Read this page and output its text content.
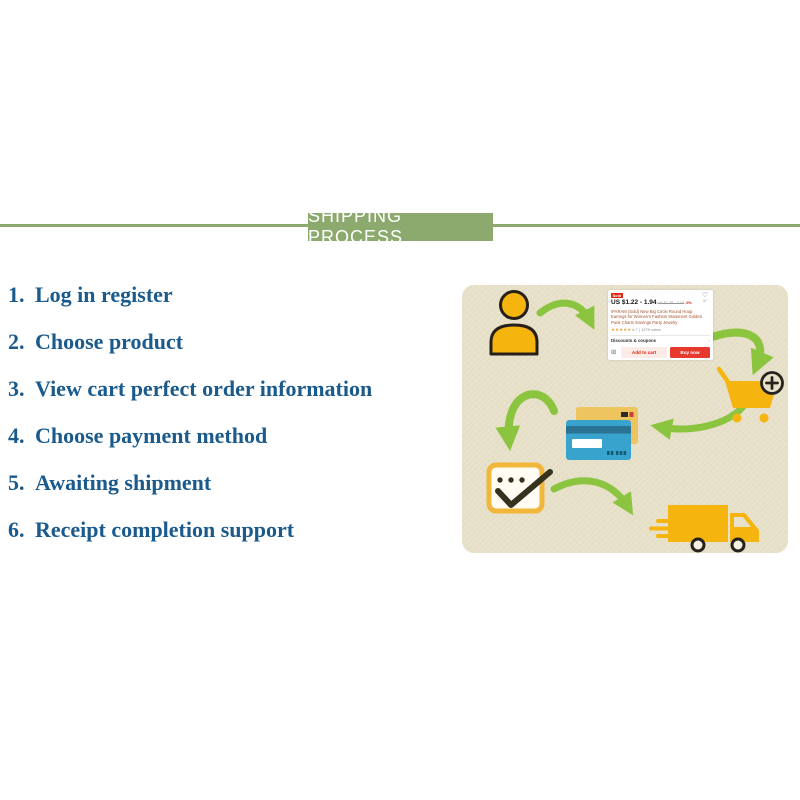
SHIPPING PROCESS
1. Log in register
2. Choose product
3. View cart perfect order information
4. Choose payment method
5. Awaiting shipment
6. Receipt completion support
Sold	♡
97
US $1.22 - 1.94US $1.35 - 2.16-9%
IPARAM (Sold) New Big Circle Round Hoop Earrings for Women's Fashion Statement Golden Punk Charm Earrings Party Jewelry
★★★★★4.7 | 1279 votes
›
Discounts & coupons
⊞	Add to cart	Buy now
